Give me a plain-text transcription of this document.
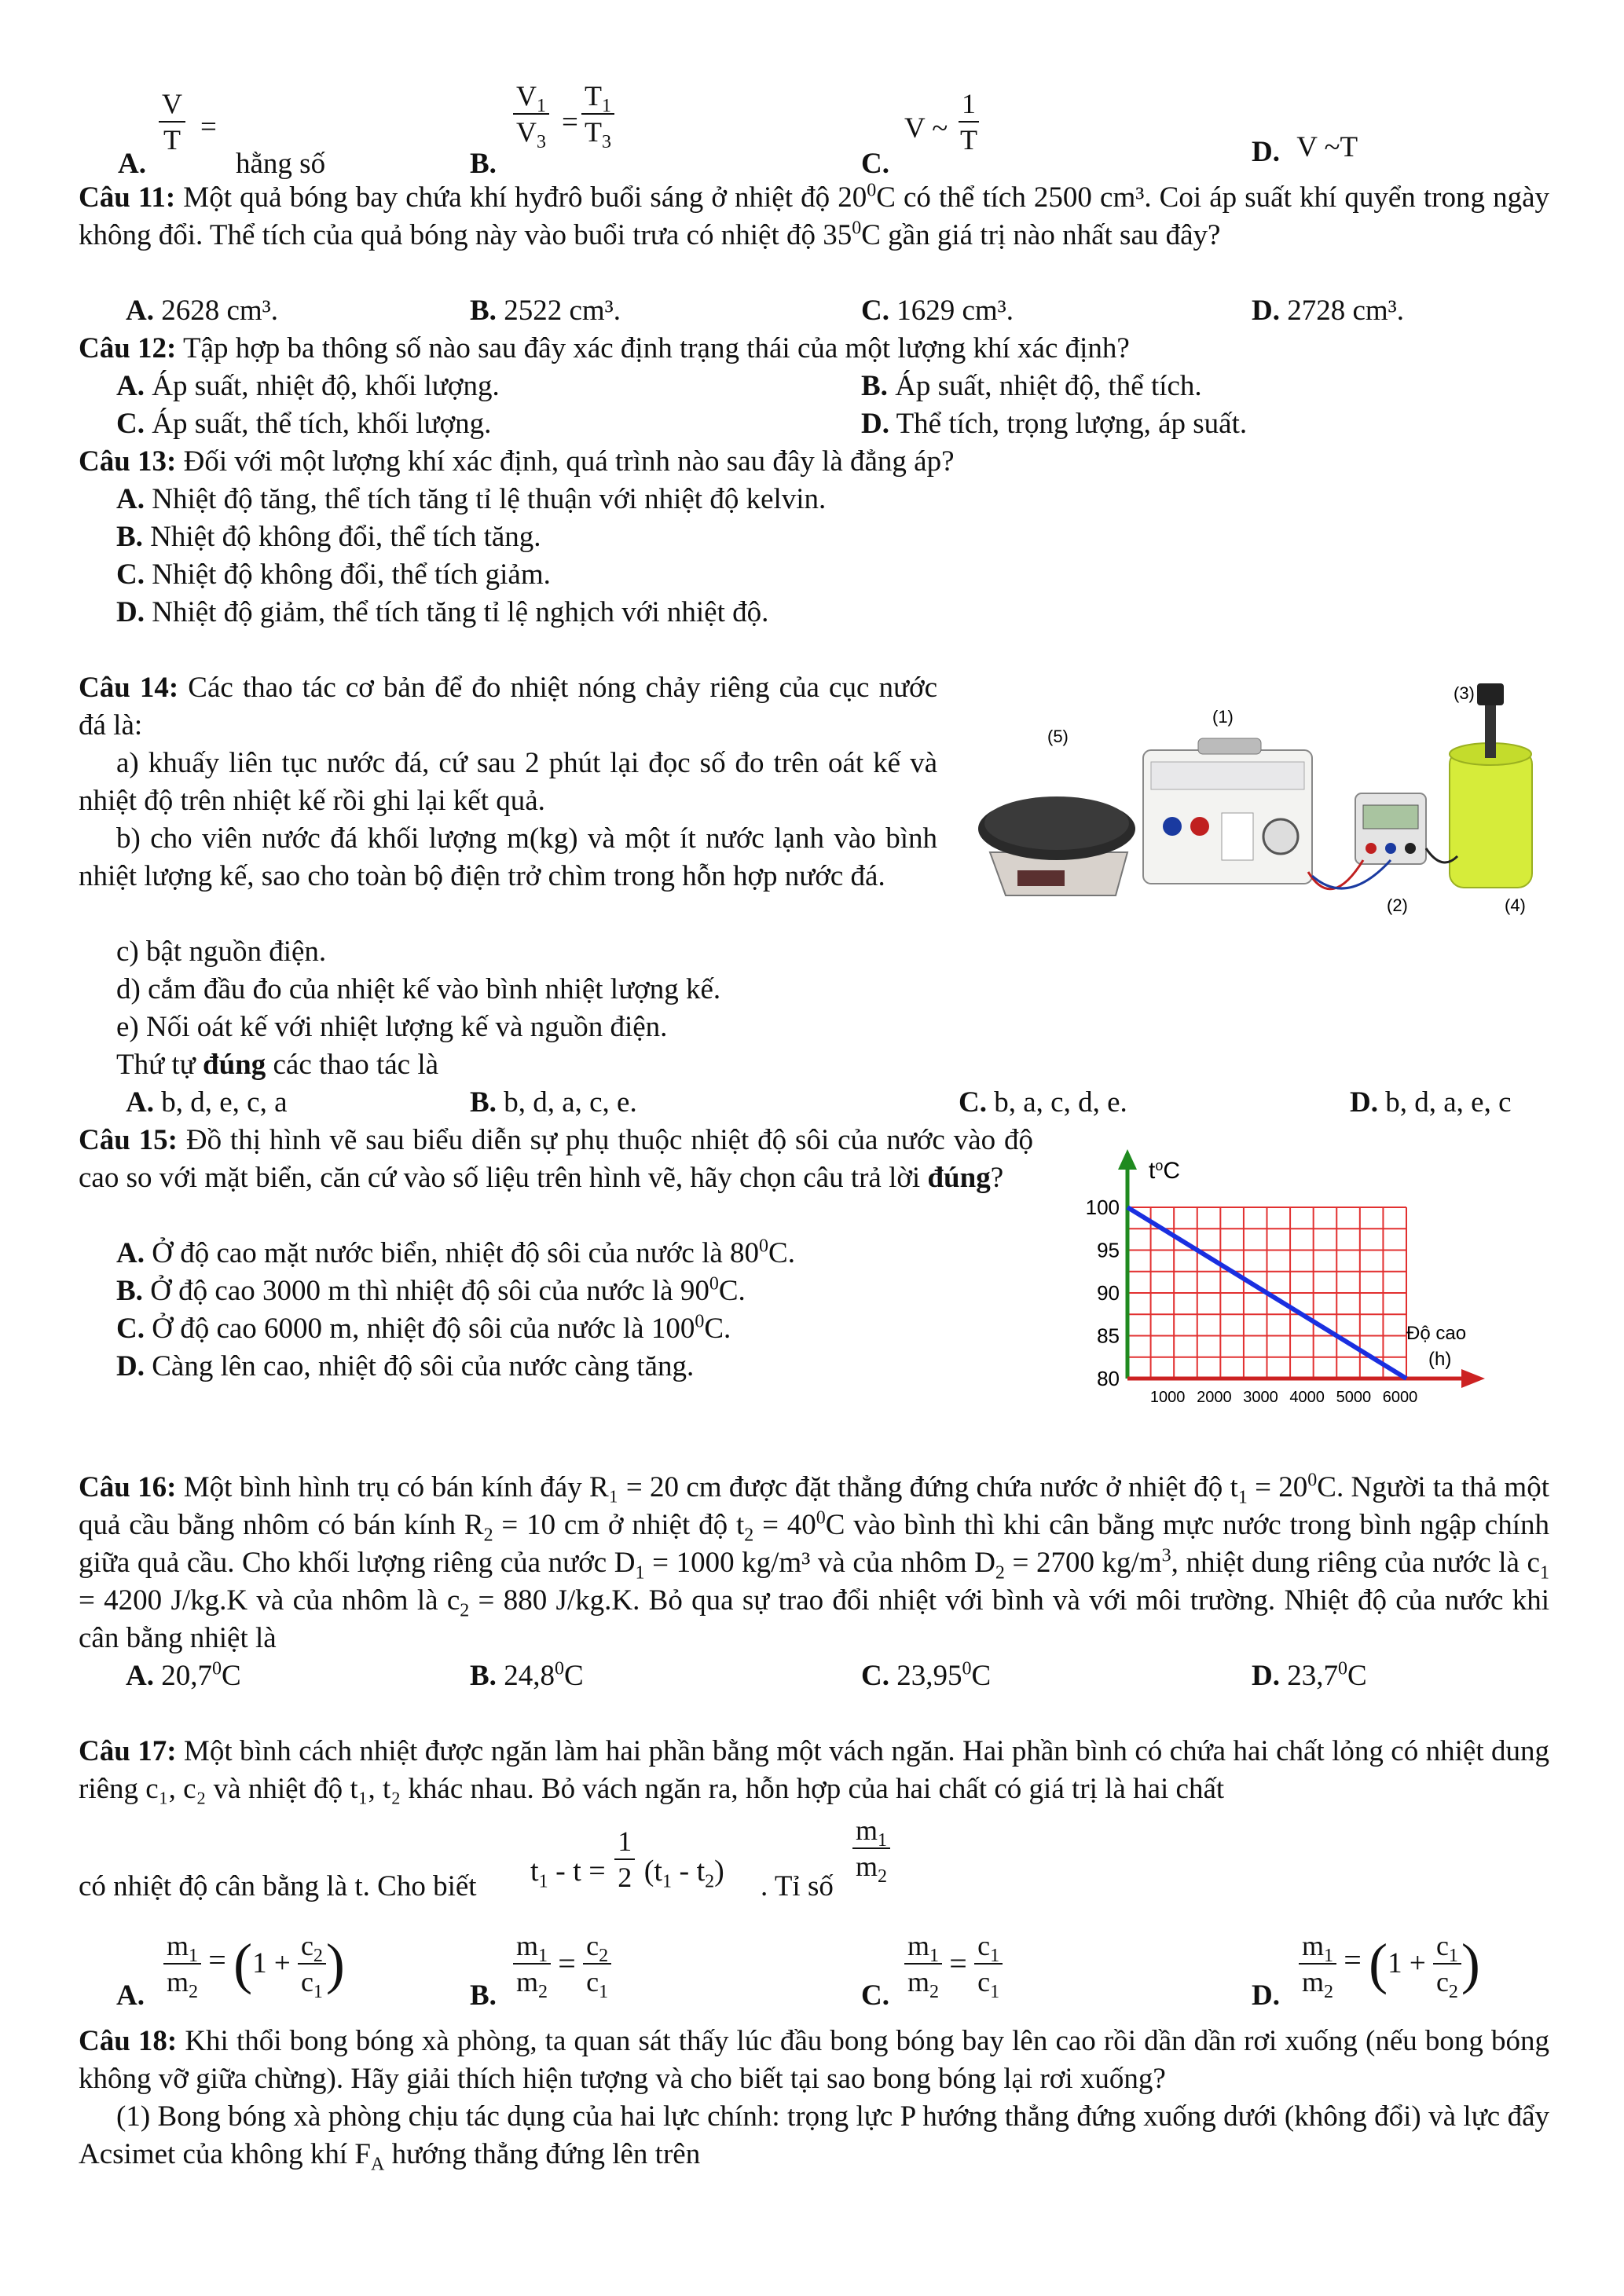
A.
$\frac{V}{T}$ =
hằng số	B.
$\frac{V_1}{V_3} = \frac{T_1}{T_3}$
C.
V ~ $\frac{1}{T}$	D. V ~T
Câu 11: Một quả bóng bay chứa khí hyđrô buổi sáng ở nhiệt độ $20^0C$ có thể tích 2500 cm³. Coi áp suất khí quyển trong ngày không đổi. Thể tích của quả bóng này vào buổi trưa có nhiệt độ $35^0C$ gần giá trị nào nhất sau đây?
A. 2628 cm³.	B. 2522 cm³.	C. 1629 cm³.	D. 2728 cm³.
Câu 12: Tập hợp ba thông số nào sau đây xác định trạng thái của một lượng khí xác định?
A. Áp suất, nhiệt độ, khối lượng.	B. Áp suất, nhiệt độ, thể tích.
C. Áp suất, thể tích, khối lượng.	D. Thể tích, trọng lượng, áp suất.
Câu 13: Đối với một lượng khí xác định, quá trình nào sau đây là đẳng áp?
A. Nhiệt độ tăng, thể tích tăng tỉ lệ thuận với nhiệt độ kelvin.
B. Nhiệt độ không đổi, thể tích tăng.
C. Nhiệt độ không đổi, thể tích giảm.
D. Nhiệt độ giảm, thể tích tăng tỉ lệ nghịch với nhiệt độ.
Câu 14: Các thao tác cơ bản để đo nhiệt nóng chảy riêng của cục nước đá là:
a) khuấy liên tục nước đá, cứ sau 2 phút lại đọc số đo trên oát kế và nhiệt độ trên nhiệt kế rồi ghi lại kết quả.
b) cho viên nước đá khối lượng m(kg) và một ít nước lạnh vào bình nhiệt lượng kế, sao cho toàn bộ điện trở chìm trong hỗn hợp nước đá.
c) bật nguồn điện.
d) cắm đầu đo của nhiệt kế vào bình nhiệt lượng kế.
e) Nối oát kế với nhiệt lượng kế và nguồn điện.
Thứ tự đúng các thao tác là
A. b, d, e, c, a	B. b, d, a, c, e.	C. b, a, c, d, e.	D. b, d, a, e, c
(1)
(2)
(3)
(4)
(5)
Câu 15: Đồ thị hình vẽ sau biểu diễn sự phụ thuộc nhiệt độ sôi của nước vào độ cao so với mặt biển, căn cứ vào số liệu trên hình vẽ, hãy chọn câu trả lời đúng?
A. Ở độ cao mặt nước biển, nhiệt độ sôi của nước là $80^0C$.
B. Ở độ cao 3000 m thì nhiệt độ sôi của nước là $90^0C$.
C. Ở độ cao 6000 m, nhiệt độ sôi của nước là $100^0C$.
D. Càng lên cao, nhiệt độ sôi của nước càng tăng.	80
85
90
95
100
1000 2000 3000 4000 5000 6000
$t^oC$
Độ cao
(h)
Câu 16: Một bình hình trụ có bán kính đáy R₁ = 20 cm được đặt thẳng đứng chứa nước ở nhiệt độ $t_1 = 20^0C$. Người ta thả một quả cầu bằng nhôm có bán kính $R_2 = 10$ cm ở nhiệt độ $t_2 = 40^0C$ vào bình thì khi cân bằng mực nước trong bình ngập chính giữa quả cầu. Cho khối lượng riêng của nước $D_1 = 1000$ kg/m³ và của nhôm $D_2 = 2700$ $kg/m^3$, nhiệt dung riêng của nước là $c_1 = 4200$ J/kg.K và của nhôm là $c_2 = 880$ J/kg.K. Bỏ qua sự trao đổi nhiệt với bình và với môi trường. Nhiệt độ của nước khi cân bằng nhiệt là
A. 20,7$^0$C	B. 24,8$^0$C	C. 23,95$^0$C	D. 23,7$^0$C
Câu 17: Một bình cách nhiệt được ngăn làm hai phần bằng một vách ngăn. Hai phần bình có chứa hai chất lỏng có nhiệt dung riêng c₁, c₂ và nhiệt độ t₁, t₂ khác nhau. Bỏ vách ngăn ra, hỗn hợp của hai chất có giá trị là hai chất
có nhiệt độ cân bằng là t. Cho biết $t_1 - t = \frac{1}{2} (t_1 - t_2)$ . Tỉ số
$\frac{m_1}{m_2}$
A. $\frac{m_1}{m_2} = (1 + \frac{c_2}{c_1}$ )
B. $\frac{m_1}{m_2} = \frac{c_2}{c_1}$	C. $\frac{m_1}{m_2} = \frac{c_1}{c_1}$	D. $\frac{m_1}{m_2} = (1 + \frac{c_1}{c_2}$ )
Câu 18: Khi thổi bong bóng xà phòng, ta quan sát thấy lúc đầu bong bóng bay lên cao rồi dần dần rơi xuống (nếu bong bóng không vỡ giữa chừng). Hãy giải thích hiện tượng và cho biết tại sao bong bóng lại rơi xuống?
(1) Bong bóng xà phòng chịu tác dụng của hai lực chính: trọng lực P hướng thẳng đứng xuống dưới (không đổi) và lực đẩy Acsimet của không khí $F_A$ hướng thẳng đứng lên trên
